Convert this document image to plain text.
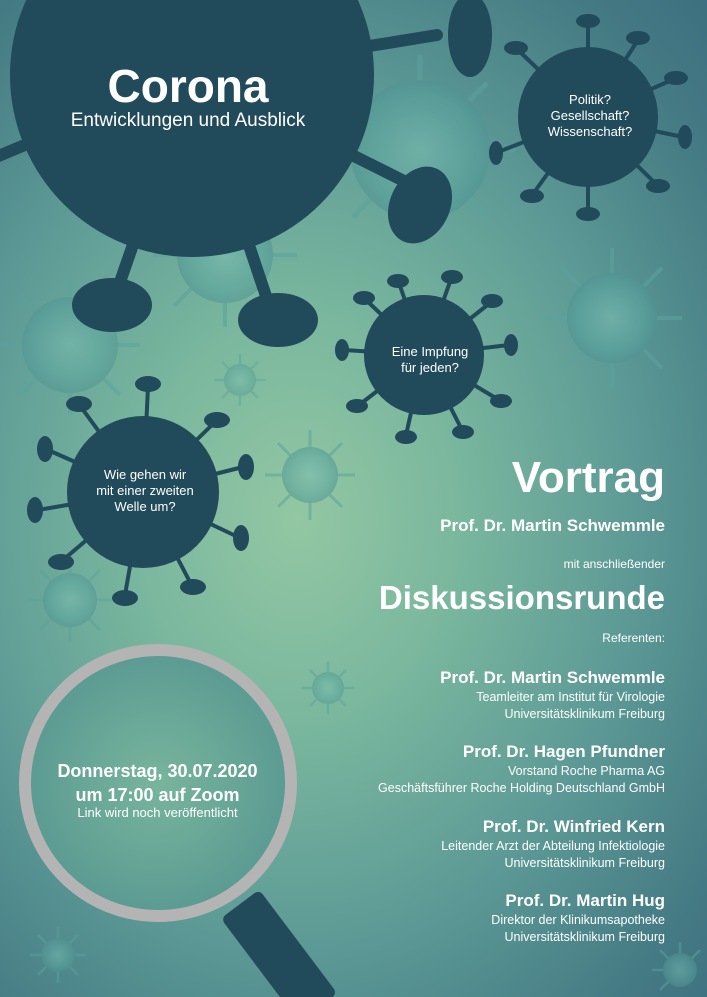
Corona
Entwicklungen und Ausblick
Politik?
Gesellschaft?
Wissenschaft?
Eine Impfung
für jeden?
Wie gehen wir
mit einer zweiten
Welle um?
Vortrag
Prof. Dr. Martin Schwemmle
mit anschließender
Diskussionsrunde
Referenten:
Prof. Dr. Martin Schwemmle
Teamleiter am Institut für Virologie
Universitätsklinikum Freiburg
Prof. Dr. Hagen Pfundner
Vorstand Roche Pharma AG
Geschäftsführer Roche Holding Deutschland GmbH
Prof. Dr. Winfried Kern
Leitender Arzt der Abteilung Infektiologie
Universitätsklinikum Freiburg
Prof. Dr. Martin Hug
Direktor der Klinikumsapotheke
Universitätsklinikum Freiburg
Donnerstag, 30.07.2020
um 17:00 auf Zoom
Link wird noch veröffentlicht
